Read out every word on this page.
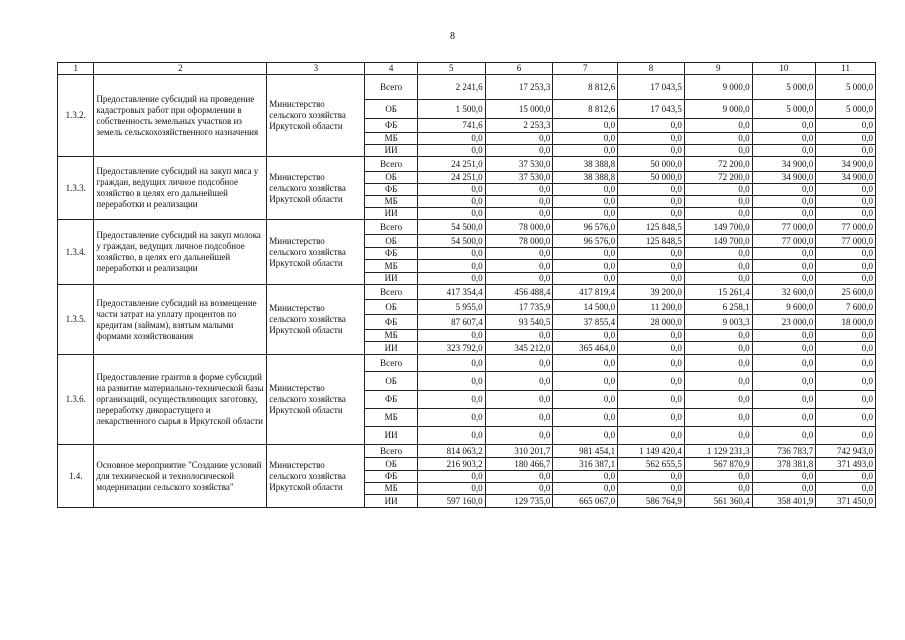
8
1	2	3	4	5	6	7	8	9	10	11
1.3.2.	Предоставление субсидий на проведение кадастровых работ при оформлении в собственность земельных участков из земель сельскохозяйственного назначения	Министерство сельского хозяйства Иркутской области	Всего	2 241,6	17 253,3	8 812,6	17 043,5	9 000,0	5 000,0	5 000,0
			ОБ	1 500,0	15 000,0	8 812,6	17 043,5	9 000,0	5 000,0	5 000,0
			ФБ	741,6	2 253,3	0,0	0,0	0,0	0,0	0,0
			МБ	0,0	0,0	0,0	0,0	0,0	0,0	0,0
			ИИ	0,0	0,0	0,0	0,0	0,0	0,0	0,0
1.3.3.	Предоставление субсидий на закуп мяса у граждан, ведущих личное подсобное хозяйство в целях его дальнейшей переработки и реализации	Министерство сельского хозяйства Иркутской области	Всего	24 251,0	37 530,0	38 388,8	50 000,0	72 200,0	34 900,0	34 900,0
			ОБ	24 251,0	37 530,0	38 388,8	50 000,0	72 200,0	34 900,0	34 900,0
			ФБ	0,0	0,0	0,0	0,0	0,0	0,0	0,0
			МБ	0,0	0,0	0,0	0,0	0,0	0,0	0,0
			ИИ	0,0	0,0	0,0	0,0	0,0	0,0	0,0
1.3.4.	Предоставление субсидий на закуп молока у граждан, ведущих личное подсобное хозяйство, в целях его дальнейшей переработки и реализации	Министерство сельского хозяйства Иркутской области	Всего	54 500,0	78 000,0	96 576,0	125 848,5	149 700,0	77 000,0	77 000,0
			ОБ	54 500,0	78 000,0	96 576,0	125 848,5	149 700,0	77 000,0	77 000,0
			ФБ	0,0	0,0	0,0	0,0	0,0	0,0	0,0
			МБ	0,0	0,0	0,0	0,0	0,0	0,0	0,0
			ИИ	0,0	0,0	0,0	0,0	0,0	0,0	0,0
1.3.5.	Предоставление субсидий на возмещение части затрат на уплату процентов по кредитам (займам), взятым малыми формами хозяйствования	Министерство сельского хозяйства Иркутской области	Всего	417 354,4	456 488,4	417 819,4	39 200,0	15 261,4	32 600,0	25 600,0
			ОБ	5 955,0	17 735,9	14 500,0	11 200,0	6 258,1	9 600,0	7 600,0
			ФБ	87 607,4	93 540,5	37 855,4	28 000,0	9 003,3	23 000,0	18 000,0
			МБ	0,0	0,0	0,0	0,0	0,0	0,0	0,0
			ИИ	323 792,0	345 212,0	365 464,0	0,0	0,0	0,0	0,0
1.3.6.	Предоставление грантов в форме субсидий на развитие материально-технической базы организаций, осуществляющих заготовку, переработку дикорастущего и лекарственного сырья в Иркутской области	Министерство сельского хозяйства Иркутской области	Всего	0,0	0,0	0,0	0,0	0,0	0,0	0,0
			ОБ	0,0	0,0	0,0	0,0	0,0	0,0	0,0
			ФБ	0,0	0,0	0,0	0,0	0,0	0,0	0,0
			МБ	0,0	0,0	0,0	0,0	0,0	0,0	0,0
			ИИ	0,0	0,0	0,0	0,0	0,0	0,0	0,0
1.4.	Основное мероприятие "Создание условий для технической и технологической модернизации сельского хозяйства"	Министерство сельского хозяйства Иркутской области	Всего	814 063,2	310 201,7	981 454,1	1 149 420,4	1 129 231,3	736 783,7	742 943,0
			ОБ	216 903,2	180 466,7	316 387,1	562 655,5	567 870,9	378 381,8	371 493,0
			ФБ	0,0	0,0	0,0	0,0	0,0	0,0	0,0
			МБ	0,0	0,0	0,0	0,0	0,0	0,0	0,0
			ИИ	597 160,0	129 735,0	665 067,0	586 764,9	561 360,4	358 401,9	371 450,0
